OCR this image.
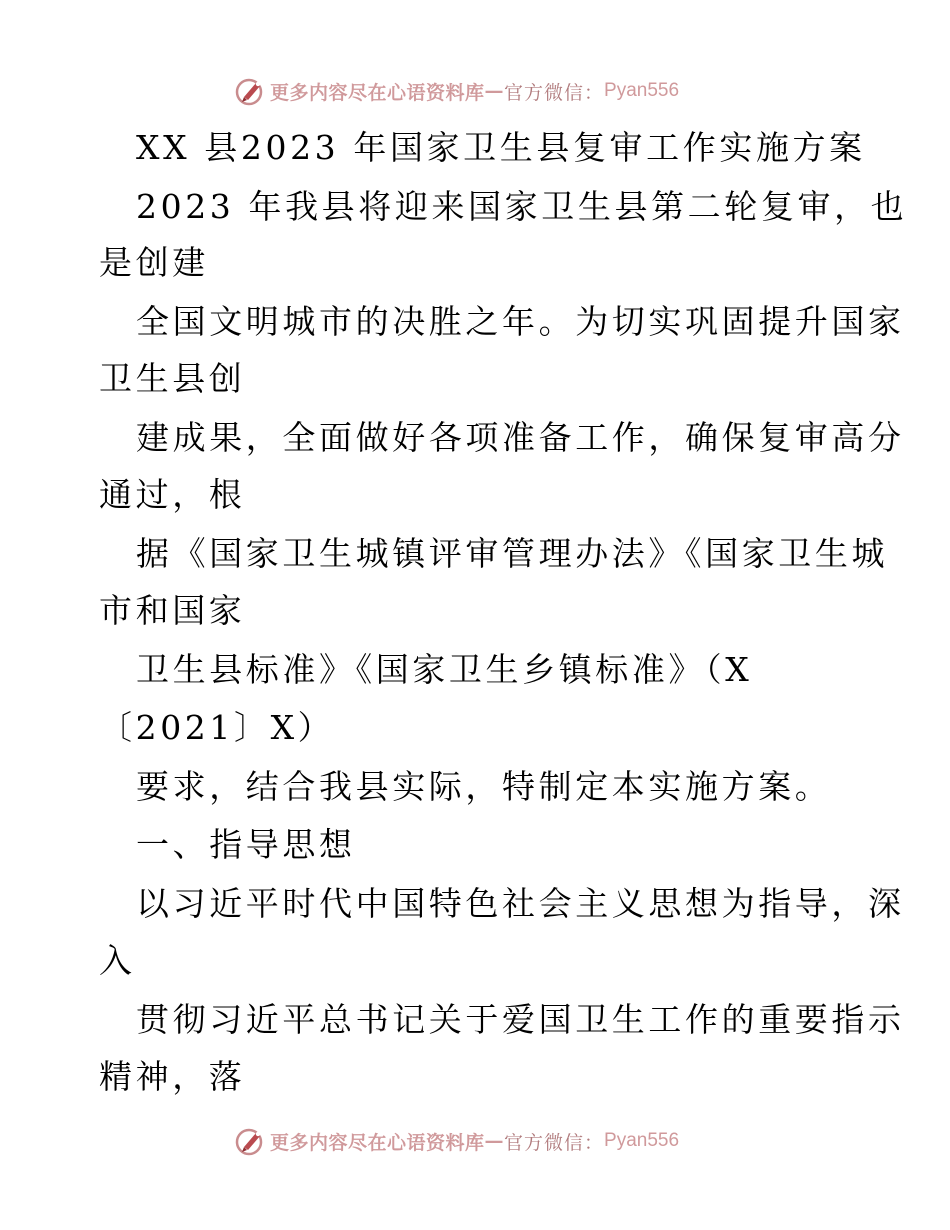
更多内容尽在心语资料库 — 官方微信： Pyan556
XX 县2023 年国家卫生县复审工作实施方案
2023 年我县将迎来国家卫生县第二轮复审，也
是创建
全国文明城市的决胜之年。为切实巩固提升国家
卫生县创
建成果，全面做好各项准备工作，确保复审高分
通过，根
据《国家卫生城镇评审管理办法》《国家卫生城
市和国家
卫生县标准》《国家卫生乡镇标准》（X
〔2021〕X）
要求，结合我县实际，特制定本实施方案。
一、指导思想
以习近平时代中国特色社会主义思想为指导，深
入
贯彻习近平总书记关于爱国卫生工作的重要指示
精神，落
更多内容尽在心语资料库 — 官方微信： Pyan556
